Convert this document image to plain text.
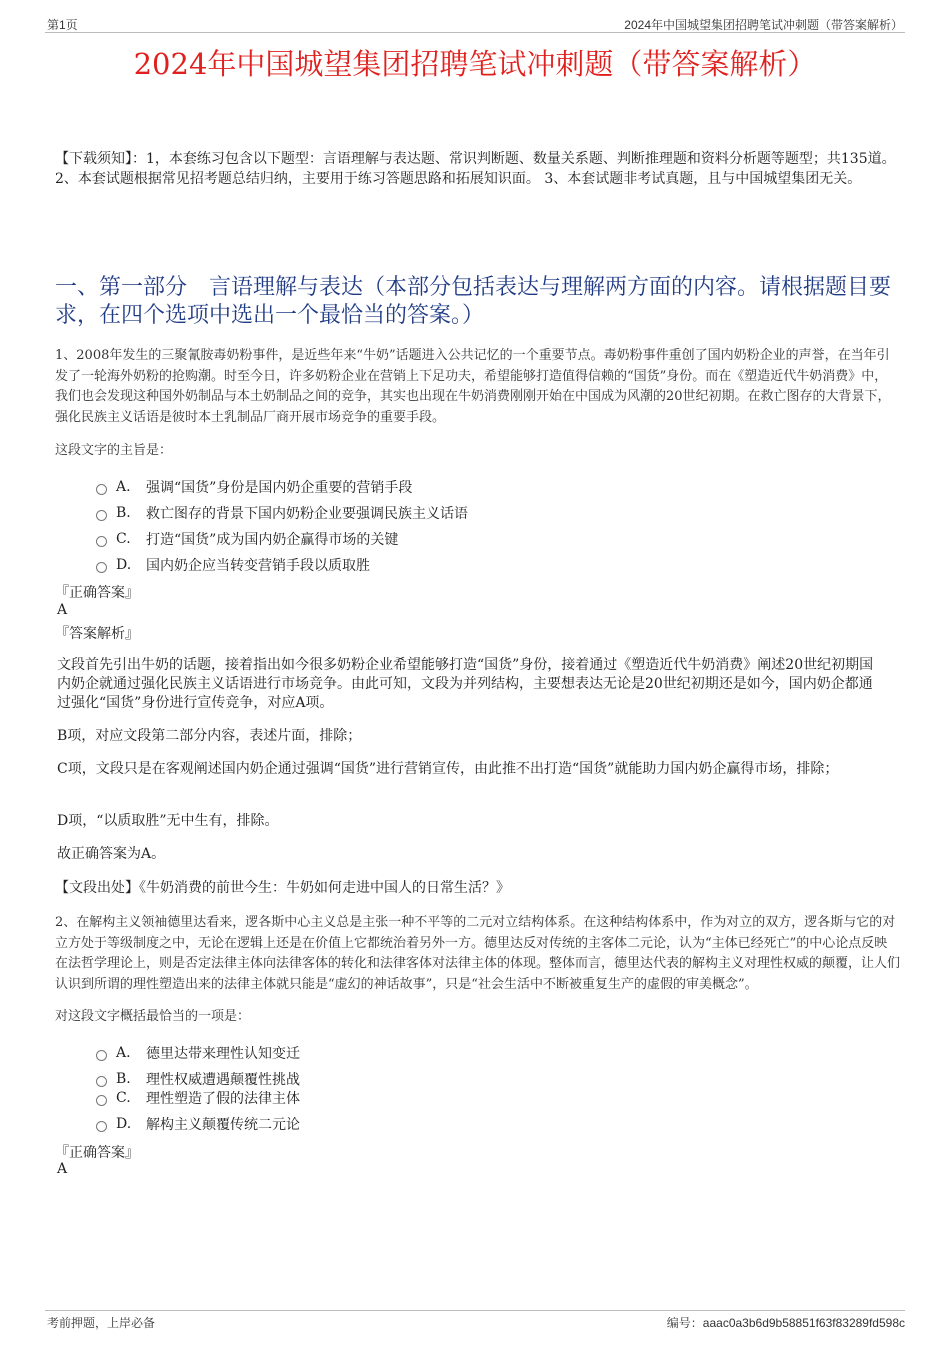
第1页	2024年中国城望集团招聘笔试冲刺题（带答案解析）
2024年中国城望集团招聘笔试冲刺题（带答案解析）
【下载须知】：1，本套练习包含以下题型：言语理解与表达题、常识判断题、数量关系题、判断推理题和资料分析题等题型；共135道。2、本套试题根据常见招考题总结归纳，主要用于练习答题思路和拓展知识面。 3、本套试题非考试真题，且与中国城望集团无关。
一、第一部分　言语理解与表达（本部分包括表达与理解两方面的内容。请根据题目要求，在四个选项中选出一个最恰当的答案。）
1、2008年发生的三聚氰胺毒奶粉事件，是近些年来“牛奶”话题进入公共记忆的一个重要节点。毒奶粉事件重创了国内奶粉企业的声誉，在当年引发了一轮海外奶粉的抢购潮。时至今日，许多奶粉企业在营销上下足功夫，希望能够打造值得信赖的“国货”身份。而在《塑造近代牛奶消费》中，我们也会发现这种国外奶制品与本土奶制品之间的竞争，其实也出现在牛奶消费刚刚开始在中国成为风潮的20世纪初期。在救亡图存的大背景下，强化民族主义话语是彼时本土乳制品厂商开展市场竞争的重要手段。
这段文字的主旨是：
A.	强调“国货”身份是国内奶企重要的营销手段
B.	救亡图存的背景下国内奶粉企业要强调民族主义话语
C.	打造“国货”成为国内奶企赢得市场的关键
D.	国内奶企应当转变营销手段以质取胜
『正确答案』
A
『答案解析』
文段首先引出牛奶的话题，接着指出如今很多奶粉企业希望能够打造“国货”身份，接着通过《塑造近代牛奶消费》阐述20世纪初期国内奶企就通过强化民族主义话语进行市场竞争。由此可知，文段为并列结构，主要想表达无论是20世纪初期还是如今，国内奶企都通过强化“国货”身份进行宣传竞争，对应A项。
B项，对应文段第二部分内容，表述片面，排除；
C项，文段只是在客观阐述国内奶企通过强调“国货”进行营销宣传，由此推不出打造“国货”就能助力国内奶企赢得市场，排除；
D项，“以质取胜”无中生有，排除。
故正确答案为A。
【文段出处】《牛奶消费的前世今生：牛奶如何走进中国人的日常生活？》
2、在解构主义领袖德里达看来，逻各斯中心主义总是主张一种不平等的二元对立结构体系。在这种结构体系中，作为对立的双方，逻各斯与它的对立方处于等级制度之中，无论在逻辑上还是在价值上它都统治着另外一方。德里达反对传统的主客体二元论，认为“主体已经死亡”的中心论点反映在法哲学理论上，则是否定法律主体向法律客体的转化和法律客体对法律主体的体现。整体而言，德里达代表的解构主义对理性权威的颠覆，让人们认识到所谓的理性塑造出来的法律主体就只能是“虚幻的神话故事”，只是“社会生活中不断被重复生产的虚假的审美概念”。
对这段文字概括最恰当的一项是：
A.	德里达带来理性认知变迁
B.	理性权威遭遇颠覆性挑战
C.	理性塑造了假的法律主体
D.	解构主义颠覆传统二元论
『正确答案』
A
考前押题，上岸必备	编号：aaac0a3b6d9b58851f63f83289fd598c
